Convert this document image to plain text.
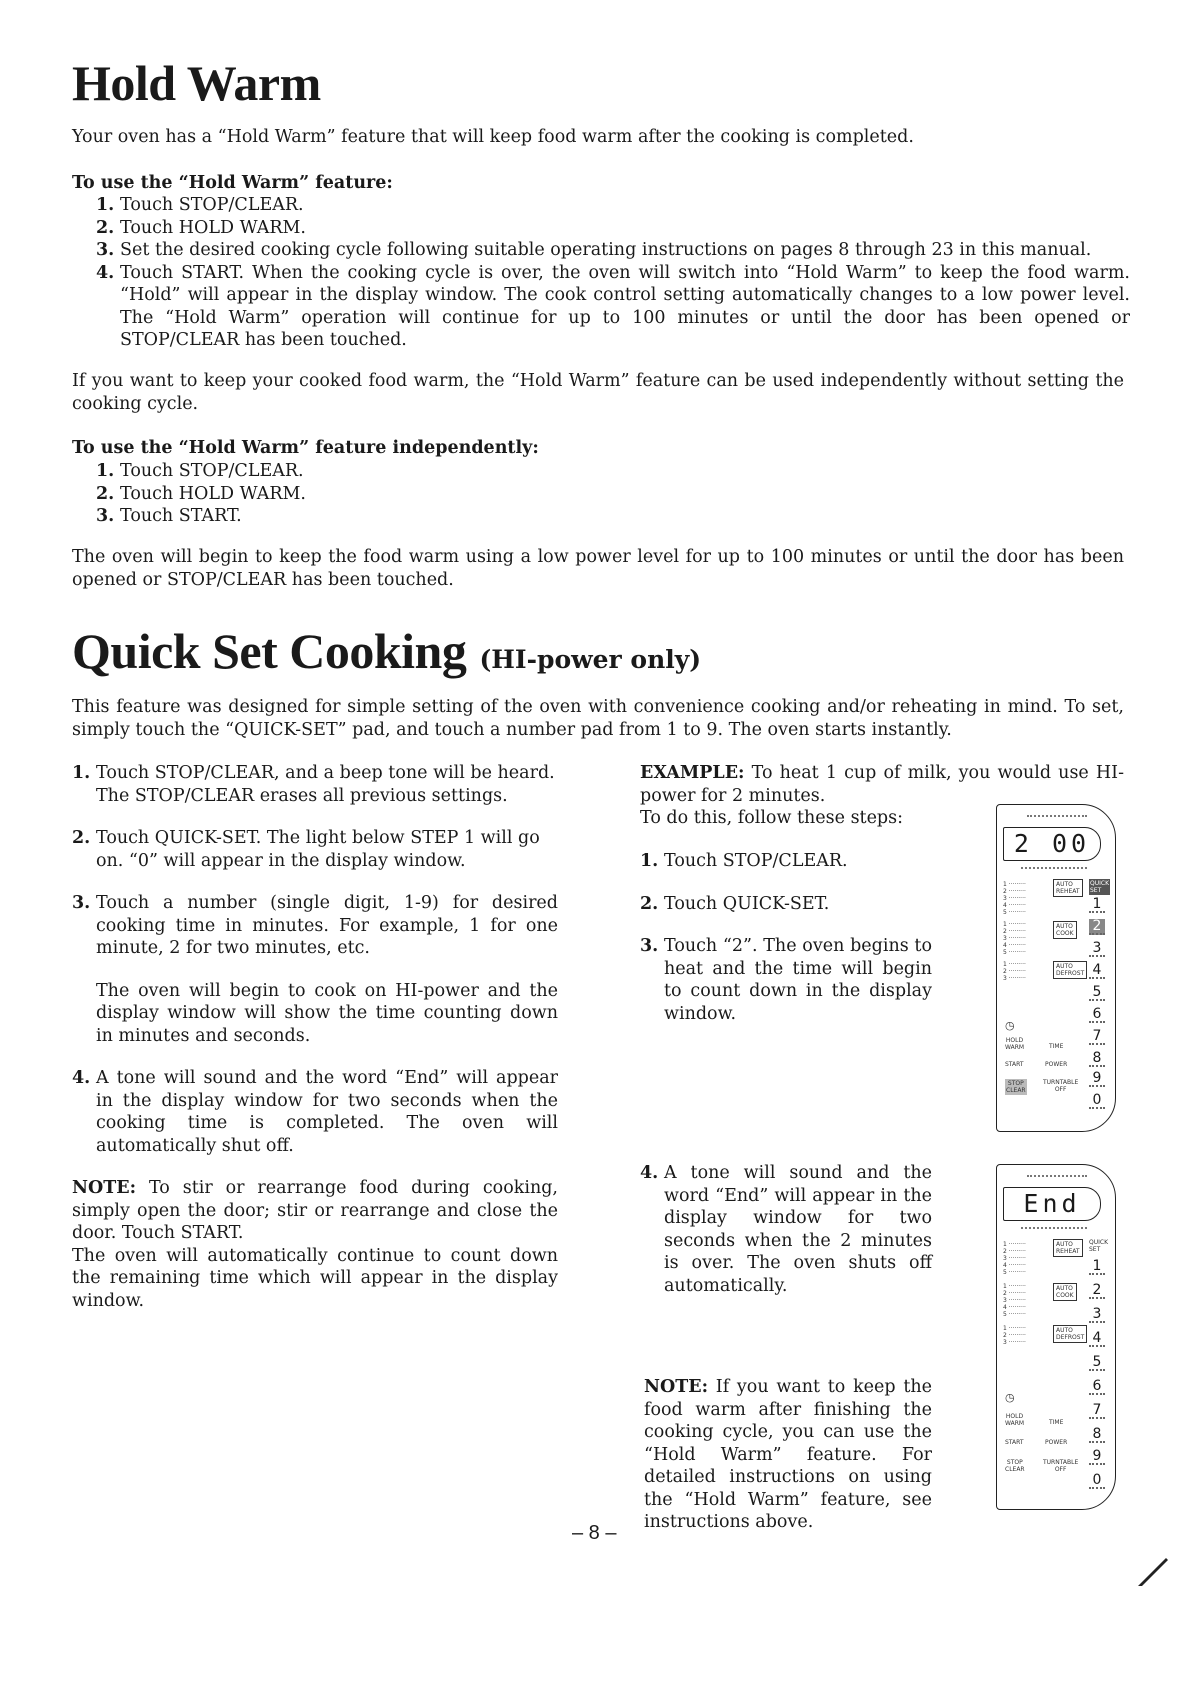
Hold Warm

Your oven has a “Hold Warm” feature that will keep food warm after the cooking is completed.

To use the “Hold Warm” feature:

1. Touch STOP/CLEAR.
2. Touch HOLD WARM.
3. Set the desired cooking cycle following suitable operating instructions on pages 8 through 23 in this manual.
4. Touch START. When the cooking cycle is over, the oven will switch into “Hold Warm” to keep the food warm. “Hold” will appear in the display window. The cook control setting automatically changes to a low power level. The “Hold Warm” operation will continue for up to 100 minutes or until the door has been opened or STOP/CLEAR has been touched.

If you want to keep your cooked food warm, the “Hold Warm” feature can be used independently without setting the cooking cycle.

To use the “Hold Warm” feature independently:

1. Touch STOP/CLEAR.
2. Touch HOLD WARM.
3. Touch START.

The oven will begin to keep the food warm using a low power level for up to 100 minutes or until the door has been opened or STOP/CLEAR has been touched.

Quick Set Cooking (HI-power only)

This feature was designed for simple setting of the oven with convenience cooking and/or reheating in mind. To set, simply touch the “QUICK-SET” pad, and touch a number pad from 1 to 9. The oven starts instantly.

1. Touch STOP/CLEAR, and a beep tone will be heard. The STOP/CLEAR erases all previous settings.
2. Touch QUICK-SET. The light below STEP 1 will go on. “0” will appear in the display window.
3. Touch a number (single digit, 1-9) for desired cooking time in minutes. For example, 1 for one minute, 2 for two minutes, etc.
The oven will begin to cook on HI-power and the display window will show the time counting down in minutes and seconds.
4. A tone will sound and the word “End” will appear in the display window for two seconds when the cooking time is completed. The oven will automatically shut off.

NOTE: To stir or rearrange food during cooking, simply open the door; stir or rearrange and close the door. Touch START.

The oven will automatically continue to count down the remaining time which will appear in the display window.

EXAMPLE: To heat 1 cup of milk, you would use HI-power for 2 minutes.

To do this, follow these steps:

1. Touch STOP/CLEAR.
2. Touch QUICK-SET.
3. Touch “2”. The oven begins to heat and the time will begin to count down in the display window.
4. A tone will sound and the word “End” will appear in the display window for two seconds when the 2 minutes is over. The oven shuts off automatically.

NOTE: If you want to keep the food warm after finishing the cooking cycle, you can use the “Hold Warm” feature. For detailed instructions on using the “Hold Warm” feature, see instructions above.

2 00
1 ·········
2 ·········
3 ·········
4 ·········
5 ·········
AUTO
REHEAT
QUICK
SET
1 ·········
2 ·········
3 ·········
4 ·········
5 ·········
AUTO
COOK
1 ·········
2 ·········
3 ·········
AUTO
DEFROST
1
2
3
4
5
6
◷
7
HOLD
WARM	TIME
8
START	POWER
9
STOP
CLEAR
TURNTABLE
OFF
0
End
1 ·········
2 ·········
3 ·········
4 ·········
5 ·········
AUTO
REHEAT
QUICK
SET
1 ·········
2 ·········
3 ·········
4 ·········
5 ·········
AUTO
COOK
1 ·········
2 ·········
3 ·········
AUTO
DEFROST
1
2
3
4
5
6
◷
7
HOLD
WARM	TIME
8
START	POWER
9
STOP
CLEAR
TURNTABLE
OFF
0
– 8 –
